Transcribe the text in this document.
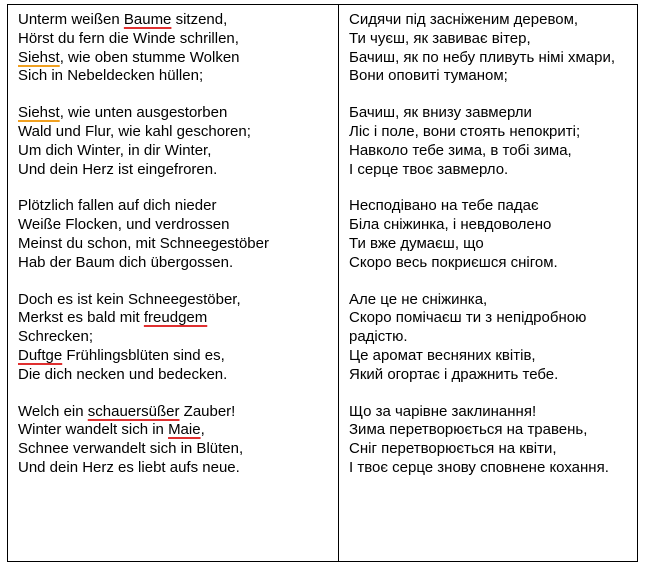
Unterm weißen Baume sitzend,
Hörst du fern die Winde schrillen,
Siehst, wie oben stumme Wolken
Sich in Nebeldecken hüllen;
Siehst, wie unten ausgestorben
Wald und Flur, wie kahl geschoren;
Um dich Winter, in dir Winter,
Und dein Herz ist eingefroren.
Plötzlich fallen auf dich nieder
Weiße Flocken, und verdrossen
Meinst du schon, mit Schneegestöber
Hab der Baum dich übergossen.
Doch es ist kein Schneegestöber,
Merkst es bald mit freudgem
Schrecken;
Duftge Frühlingsblüten sind es,
Die dich necken und bedecken.
Welch ein schauersüßer Zauber!
Winter wandelt sich in Maie,
Schnee verwandelt sich in Blüten,
Und dein Herz es liebt aufs neue.
Сидячи під засніженим деревом,
Ти чуєш, як завиває вітер,
Бачиш, як по небу пливуть німі хмари,
Вони оповиті туманом;
Бачиш, як внизу завмерли
Ліс і поле, вони стоять непокриті;
Навколо тебе зима, в тобі зима,
І серце твоє завмерло.
Несподівано на тебе падає
Біла сніжинка, і невдоволено
Ти вже думаєш, що
Скоро весь покриєшся снігом.
Але це не сніжинка,
Скоро помічаєш ти з непідробною радістю.
Це аромат весняних квітів,
Який огортає і дражнить тебе.
Що за чарівне заклинання!
Зима перетворюється на травень,
Сніг перетворюється на квіти,
І твоє серце знову сповнене кохання.
